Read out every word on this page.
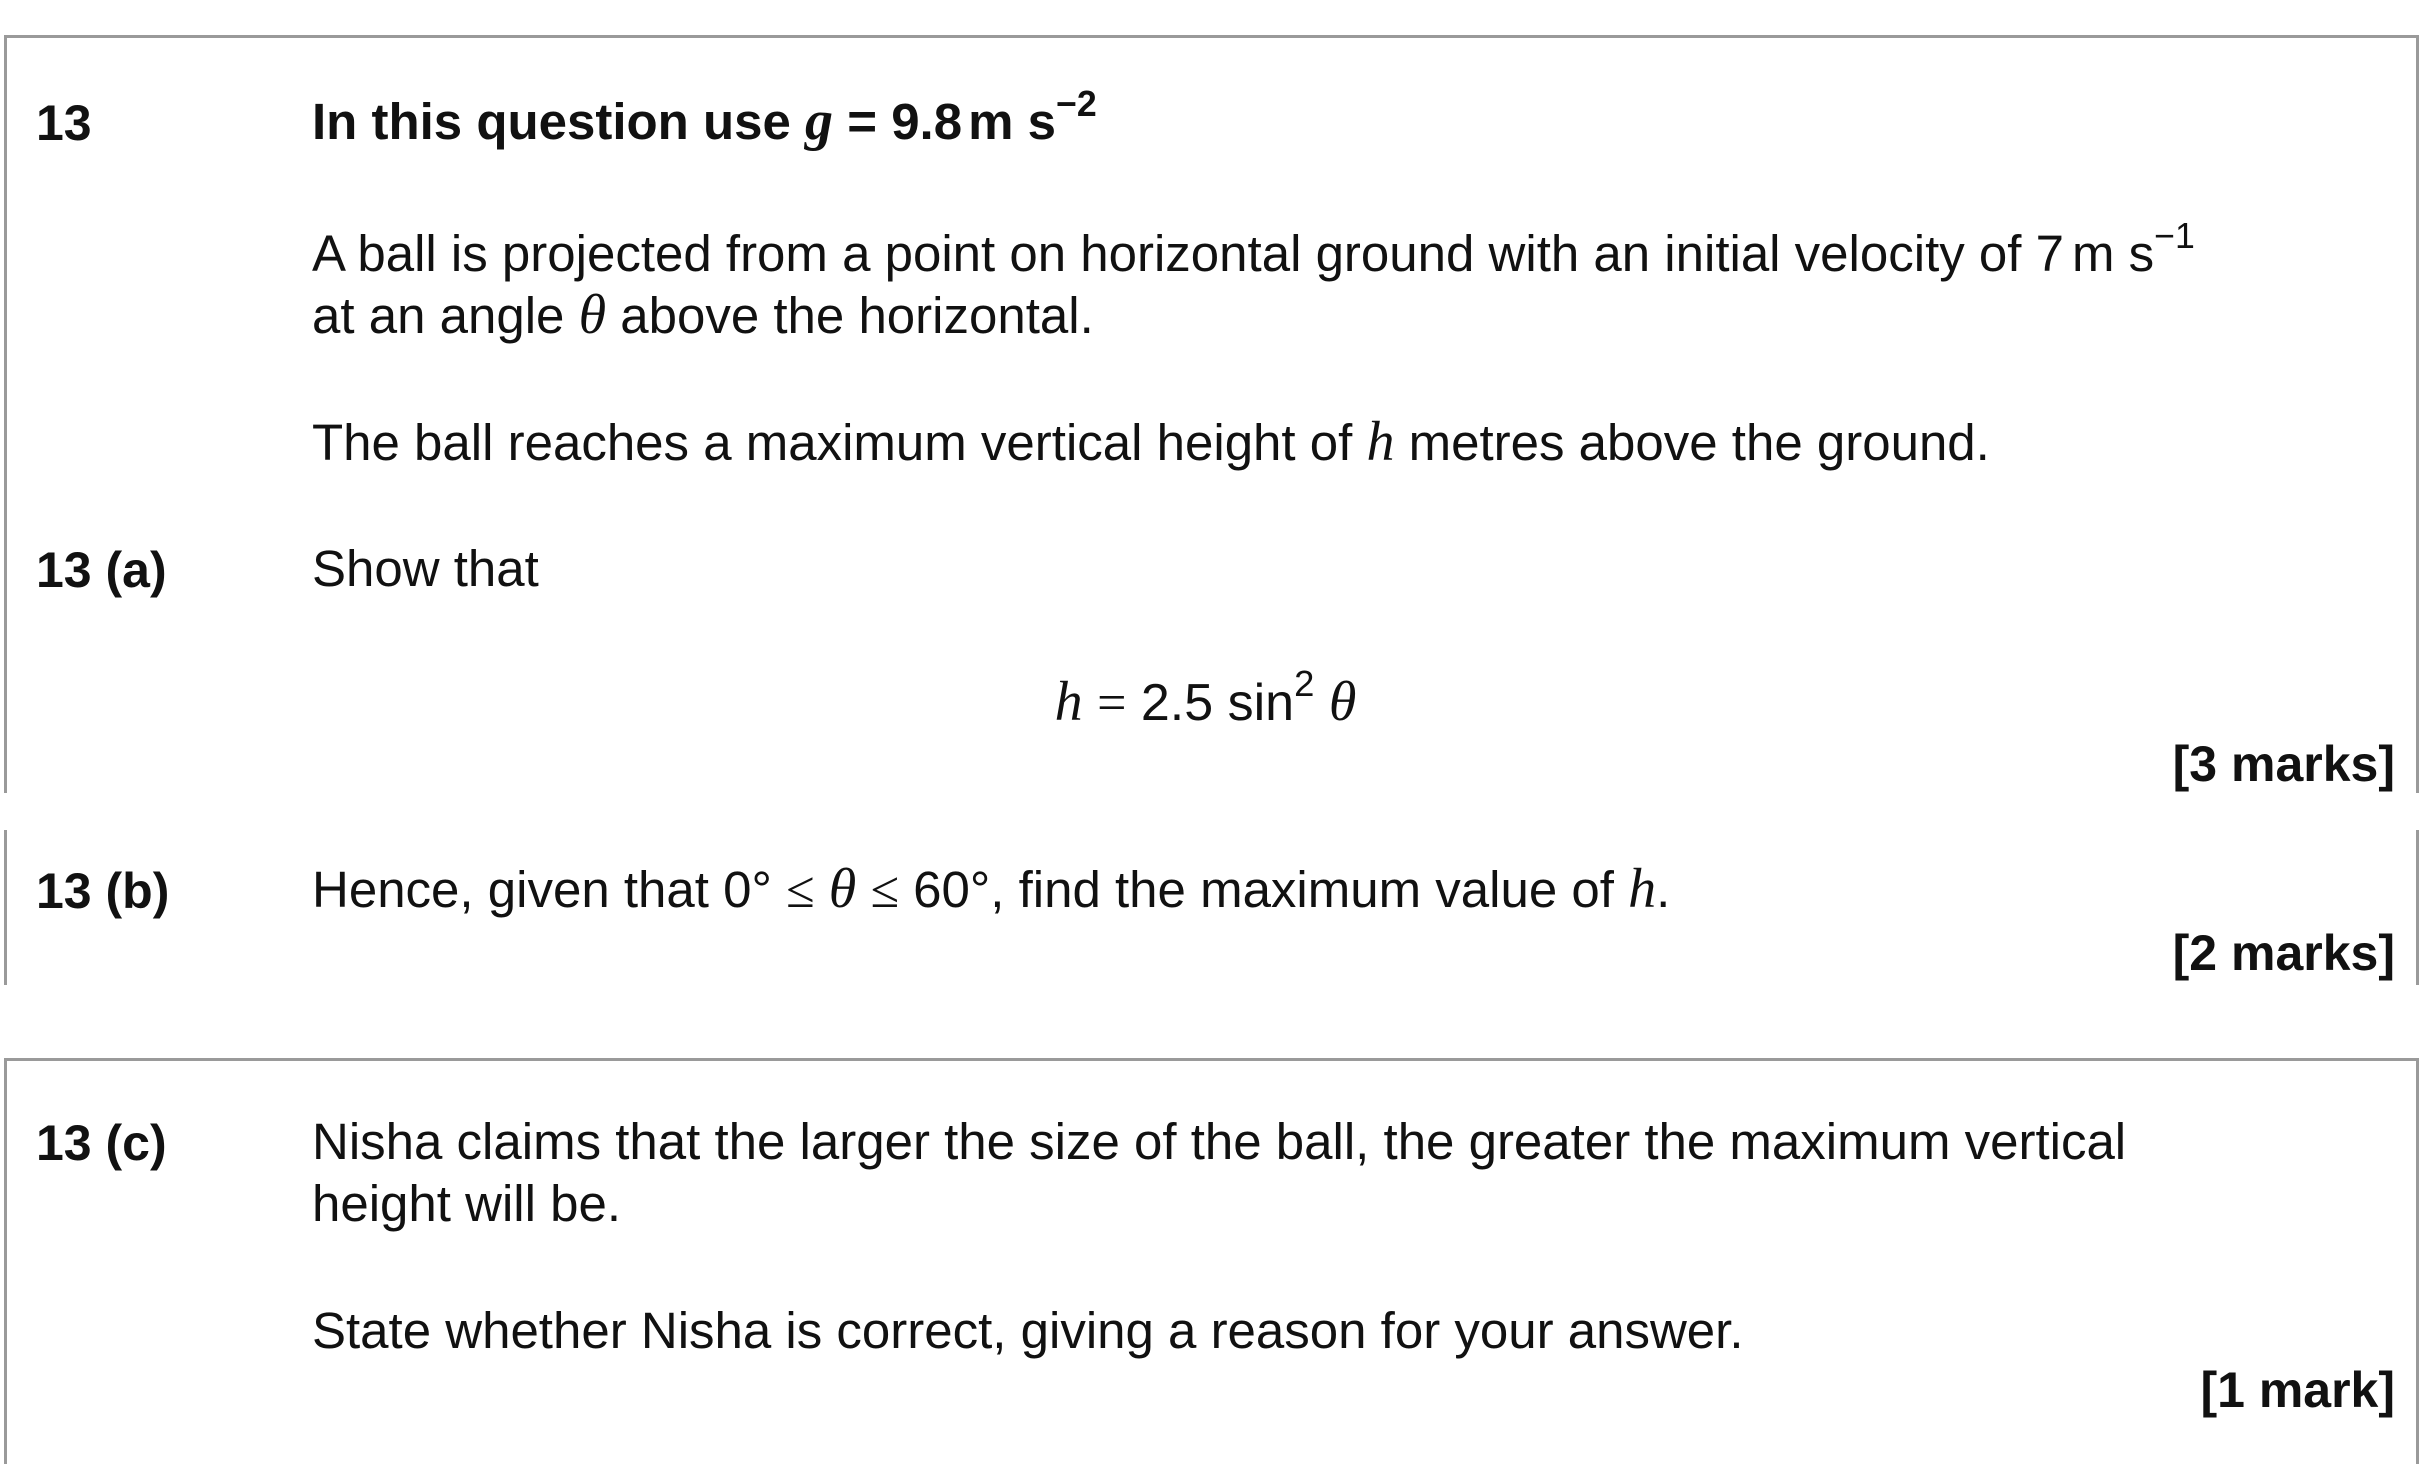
13	In this question use g = 9.8 m $s^{-2}$
A ball is projected from a point on horizontal ground with an initial velocity of 7 m $s^{-1}$
at an angle θ above the horizontal.
The ball reaches a maximum vertical height of h metres above the ground.
13 (a)	Show that
h = 2.5 $\sin^2 \theta$
[3 marks]
13 (b)	Hence, given that 0° ≤ θ ≤ 60°, find the maximum value of h.
[2 marks]
13 (c)	Nisha claims that the larger the size of the ball, the greater the maximum vertical
height will be.
State whether Nisha is correct, giving a reason for your answer.
[1 mark]
